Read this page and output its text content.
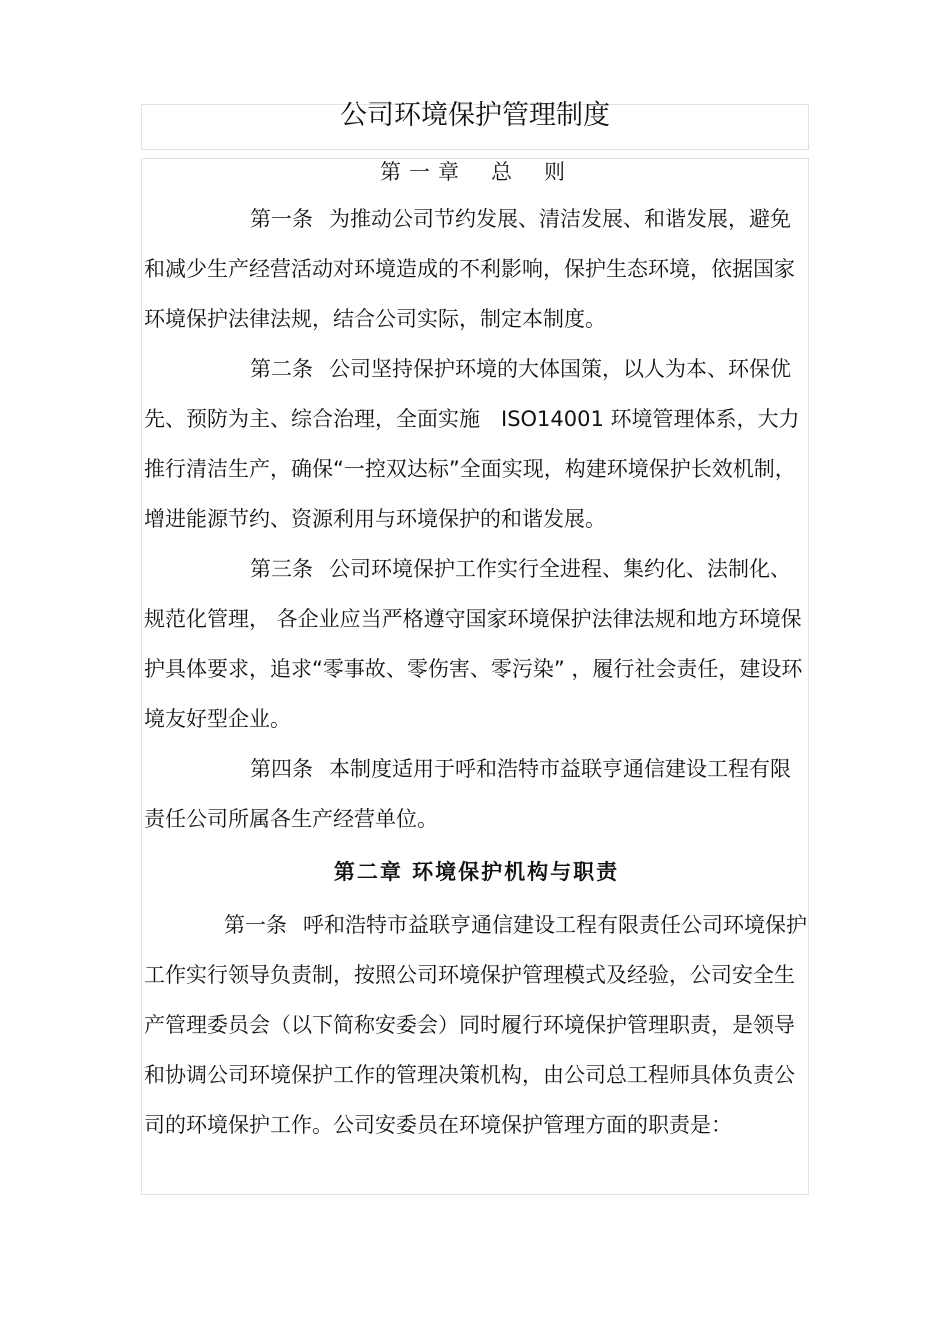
公司环境保护管理制度
第一章 总 则

第一条 为推动公司节约发展、清洁发展、和谐发展，避免和减少生产经营活动对环境造成的不利影响，保护生态环境，依据国家环境保护法律法规，结合公司实际，制定本制度。

第二条 公司坚持保护环境的大体国策，以人为本、环保优先、预防为主、综合治理，全面实施　ISO14001 环境管理体系，大力推行清洁生产，确保“一控双达标”全面实现，构建环境保护长效机制，增进能源节约、资源利用与环境保护的和谐发展。

第三条 公司环境保护工作实行全进程、集约化、法制化、规范化管理， 各企业应当严格遵守国家环境保护法律法规和地方环境保护具体要求，追求“零事故、零伤害、零污染” ，履行社会责任，建设环境友好型企业。

第四条 本制度适用于呼和浩特市益联亨通信建设工程有限责任公司所属各生产经营单位。

第二章 环境保护机构与职责

第一条 呼和浩特市益联亨通信建设工程有限责任公司环境保护工作实行领导负责制，按照公司环境保护管理模式及经验，公司安全生产管理委员会（以下简称安委会）同时履行环境保护管理职责，是领导和协调公司环境保护工作的管理决策机构，由公司总工程师具体负责公司的环境保护工作。公司安委员在环境保护管理方面的职责是：
